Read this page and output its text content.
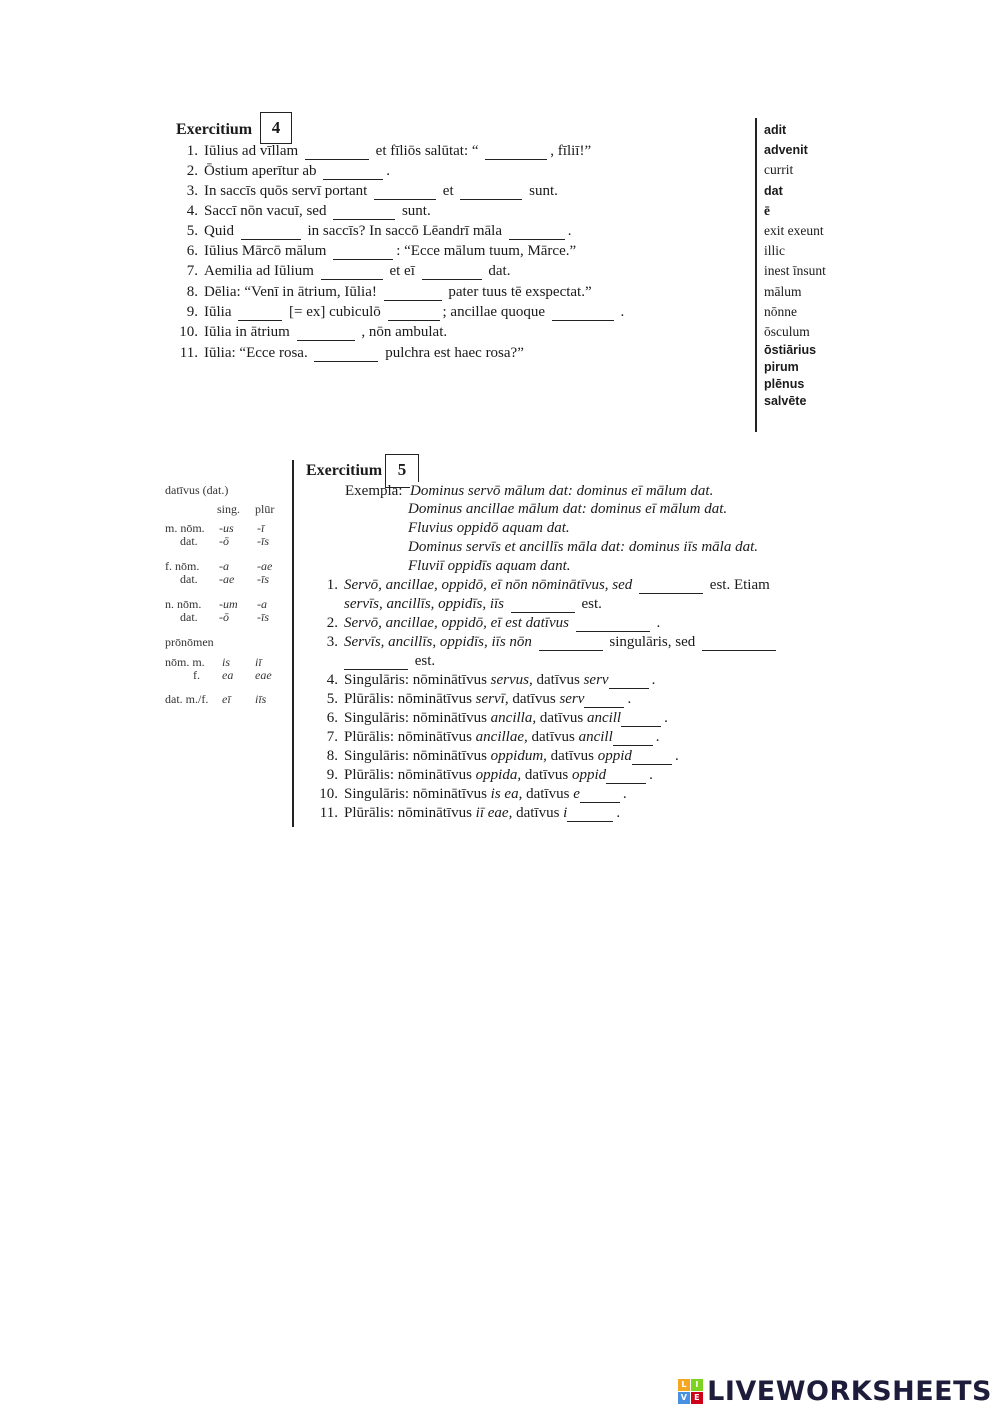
Exercitium	4
1. Iūlius ad vīllam	et fīliōs salūtat: “	, fīliī!”
2. Ōstium aperītur ab	.
3. In saccīs quōs servī portant	et	sunt.
4. Saccī nōn vacuī, sed	sunt.
5. Quid	in saccīs? In saccō Lēandrī māla	.
6. Iūlius Mārcō mālum	: “Ecce mālum tuum, Mārce.”
7. Aemilia ad Iūlium	et eī	dat.
8. Dēlia: “Venī in ātrium, Iūlia!	pater tuus tē exspectat.”
9. Iūlia	[= ex] cubiculō	; ancillae quoque	.
10. Iūlia in ātrium	, nōn ambulat.
11. Iūlia: “Ecce rosa.	pulchra est haec rosa?”
adit
advenit
currit
dat
ē
exit exeunt
illic
inest īnsunt
mālum
nōnne
ōsculum
ōstiārius
pirum
plēnus
salvēte
datīvus (dat.)
sing. plūr
m. nōm. -us -ī
dat. -ō -īs
f. nōm. -a -ae
dat. -ae -īs
n. nōm. -um -a
dat. -ō -īs
prōnōmen
nōm. m. is iī
f. ea eae
dat. m./f. eī iīs
Exercitium 5
Exempla: Dominus servō mālum dat: dominus eī mālum dat.
Dominus ancillae mālum dat: dominus eī mālum dat.
Fluvius oppidō aquam dat.
Dominus servīs et ancillīs māla dat: dominus iīs māla dat.
Fluviī oppidīs aquam dant.
1. Servō, ancillae, oppidō, eī nōn nōminātīvus, sed	est. Etiam
servīs, ancillīs, oppidīs, iīs	est.
2. Servō, ancillae, oppidō, eī est datīvus	.
3. Servīs, ancillīs, oppidīs, iīs nōn	singulāris, sed
est.
4. Singulāris: nōminātīvus servus, datīvus serv	.
5. Plūrālis: nōminātīvus servī, datīvus serv	.
6. Singulāris: nōminātīvus ancilla, datīvus ancill	.
7. Plūrālis: nōminātīvus ancillae, datīvus ancill	.
8. Singulāris: nōminātīvus oppidum, datīvus oppid	.
9. Plūrālis: nōminātīvus oppida, datīvus oppid	.
10. Singulāris: nōminātīvus is ea, datīvus e	.
11. Plūrālis: nōminātīvus iī eae, datīvus i	.
L	I
V E LIVEWORKSHEETS
